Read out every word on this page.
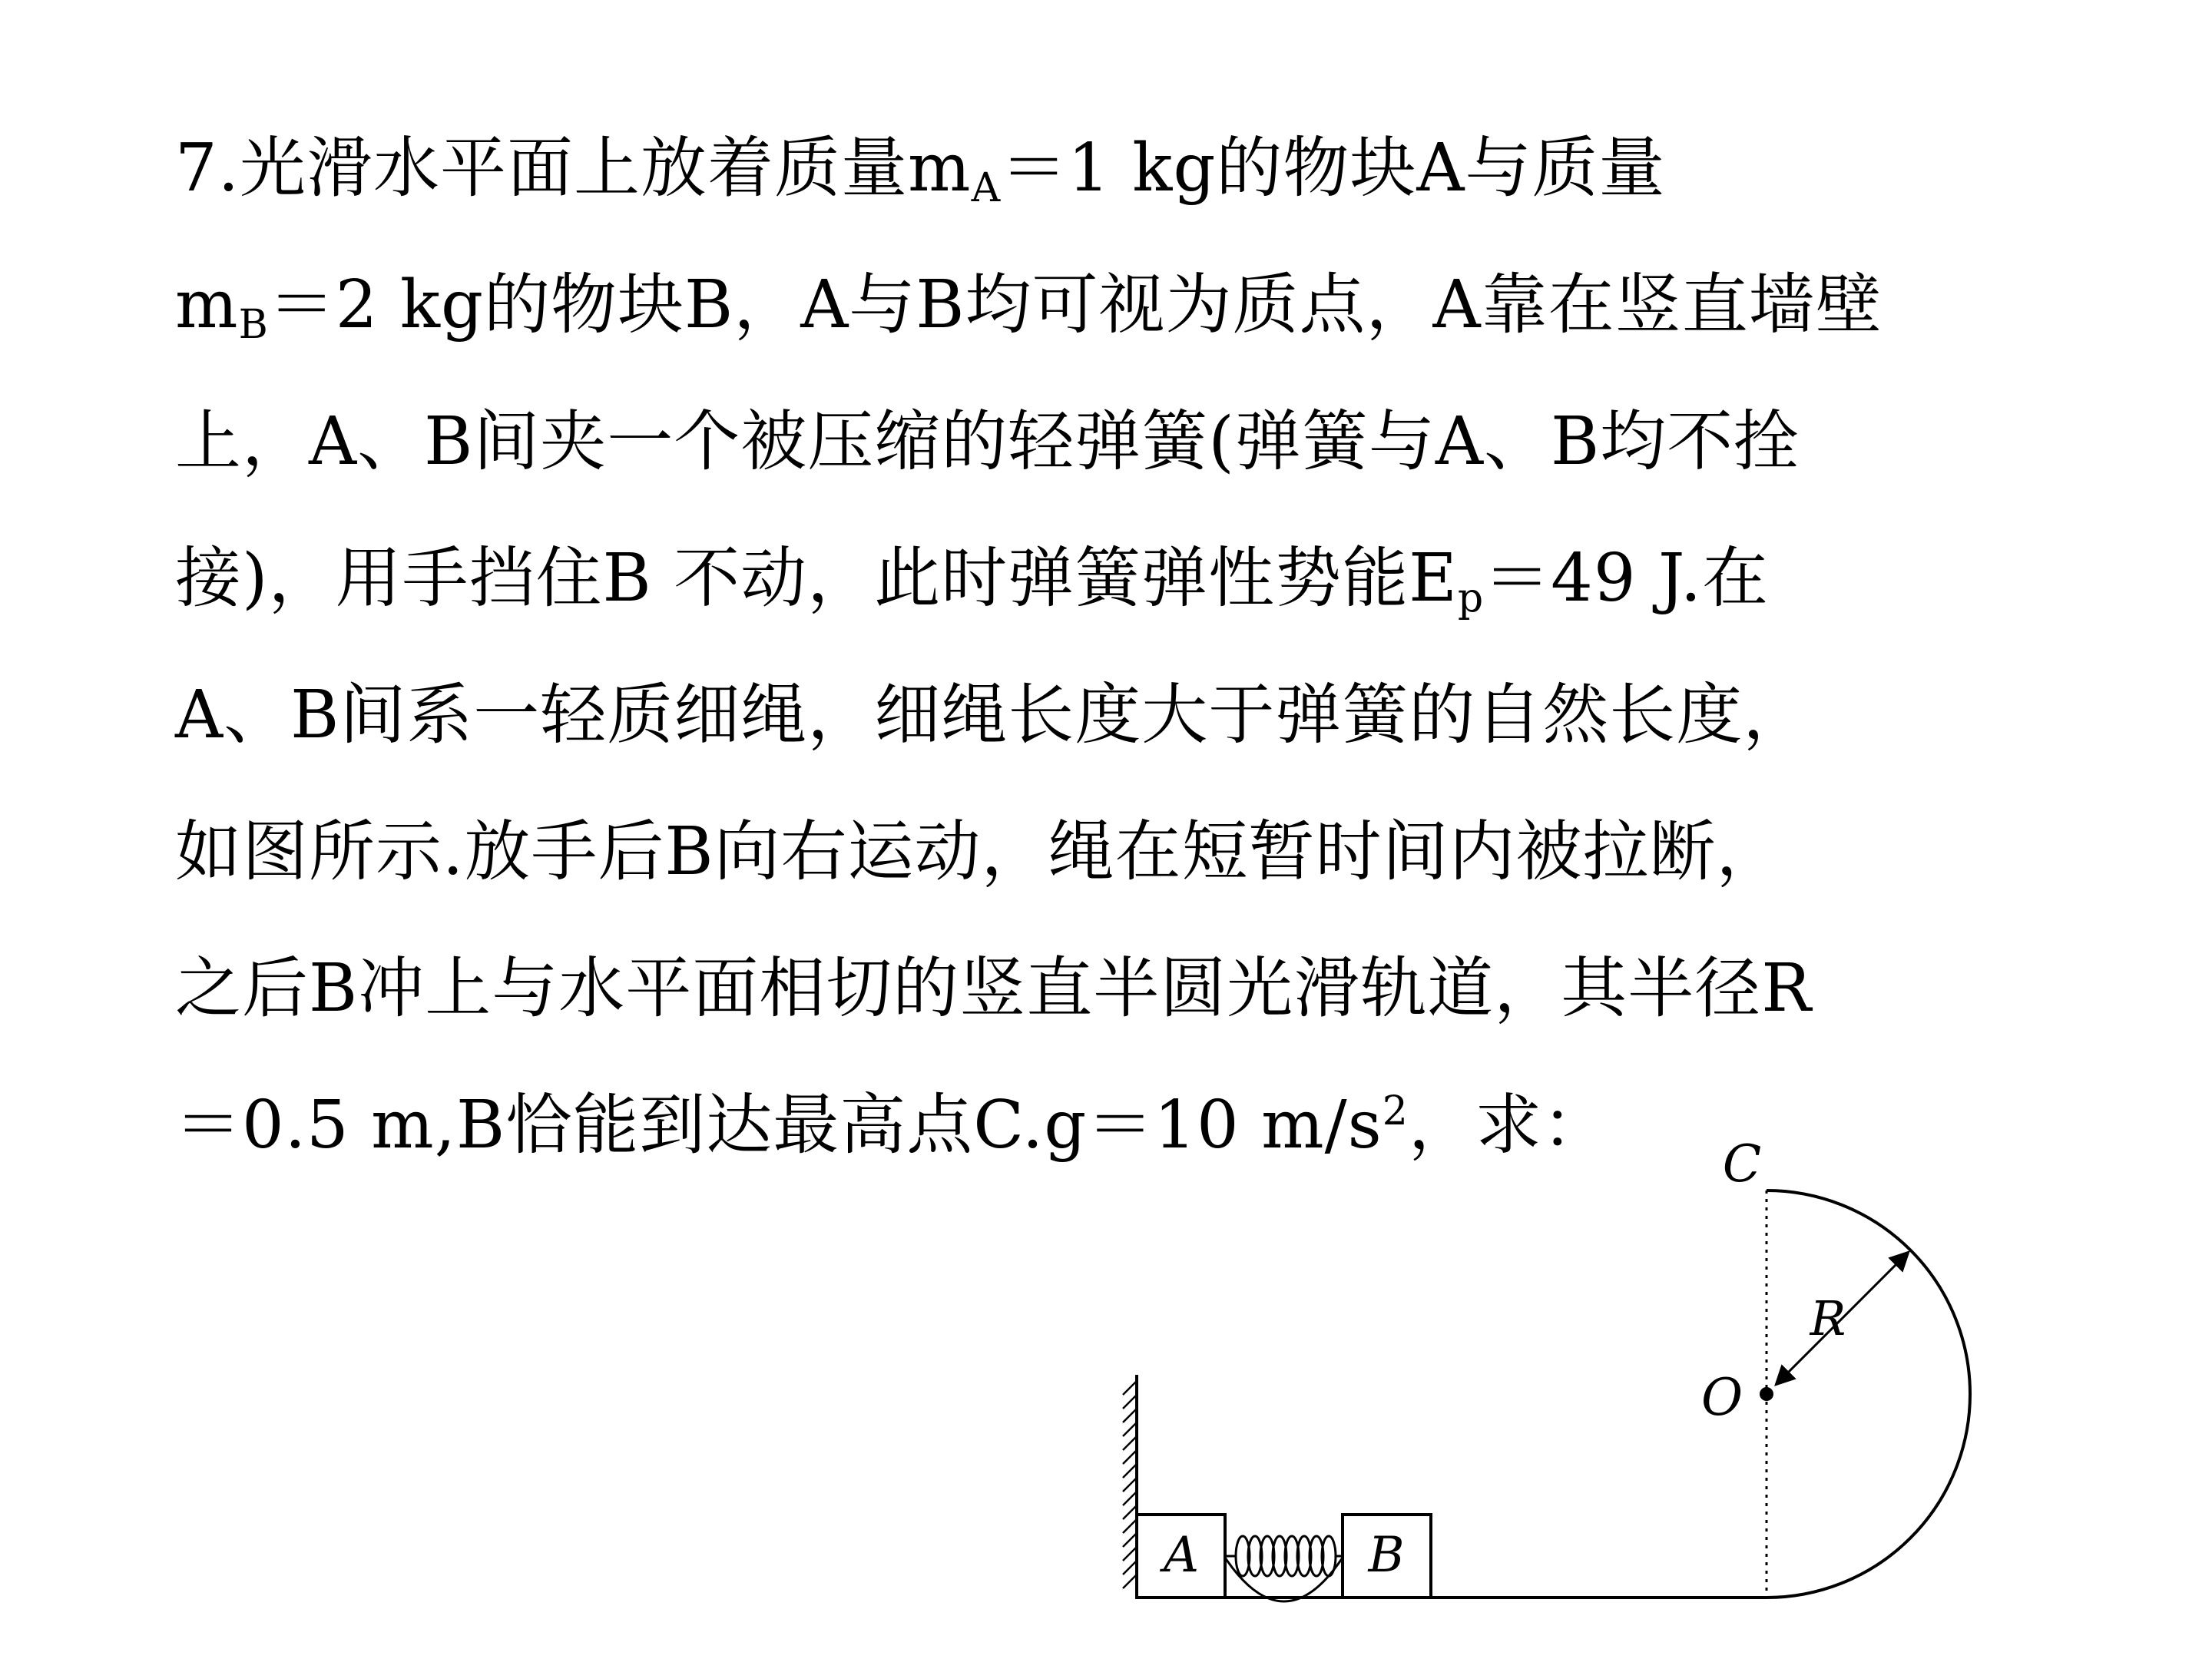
7.光滑水平面上放着质量$m_A=1$ kg的物块A与质量
$m_B=2$ kg的物块B，A与B均可视为质点，A靠在竖直墙壁
上，A、B间夹一个被压缩的轻弹簧(弹簧与A、B均不拴
接)，用手挡住B 不动，此时弹簧弹性势能$E_p=49$ J.在
A、B间系一轻质细绳，细绳长度大于弹簧的自然长度，
如图所示.放手后B向右运动，绳在短暂时间内被拉断，
之后B冲上与水平面相切的竖直半圆光滑轨道，其半径R
＝0.5 m,B恰能到达最高点C.g＝10 $m/s^2$，求：
A	B
C
O
R
